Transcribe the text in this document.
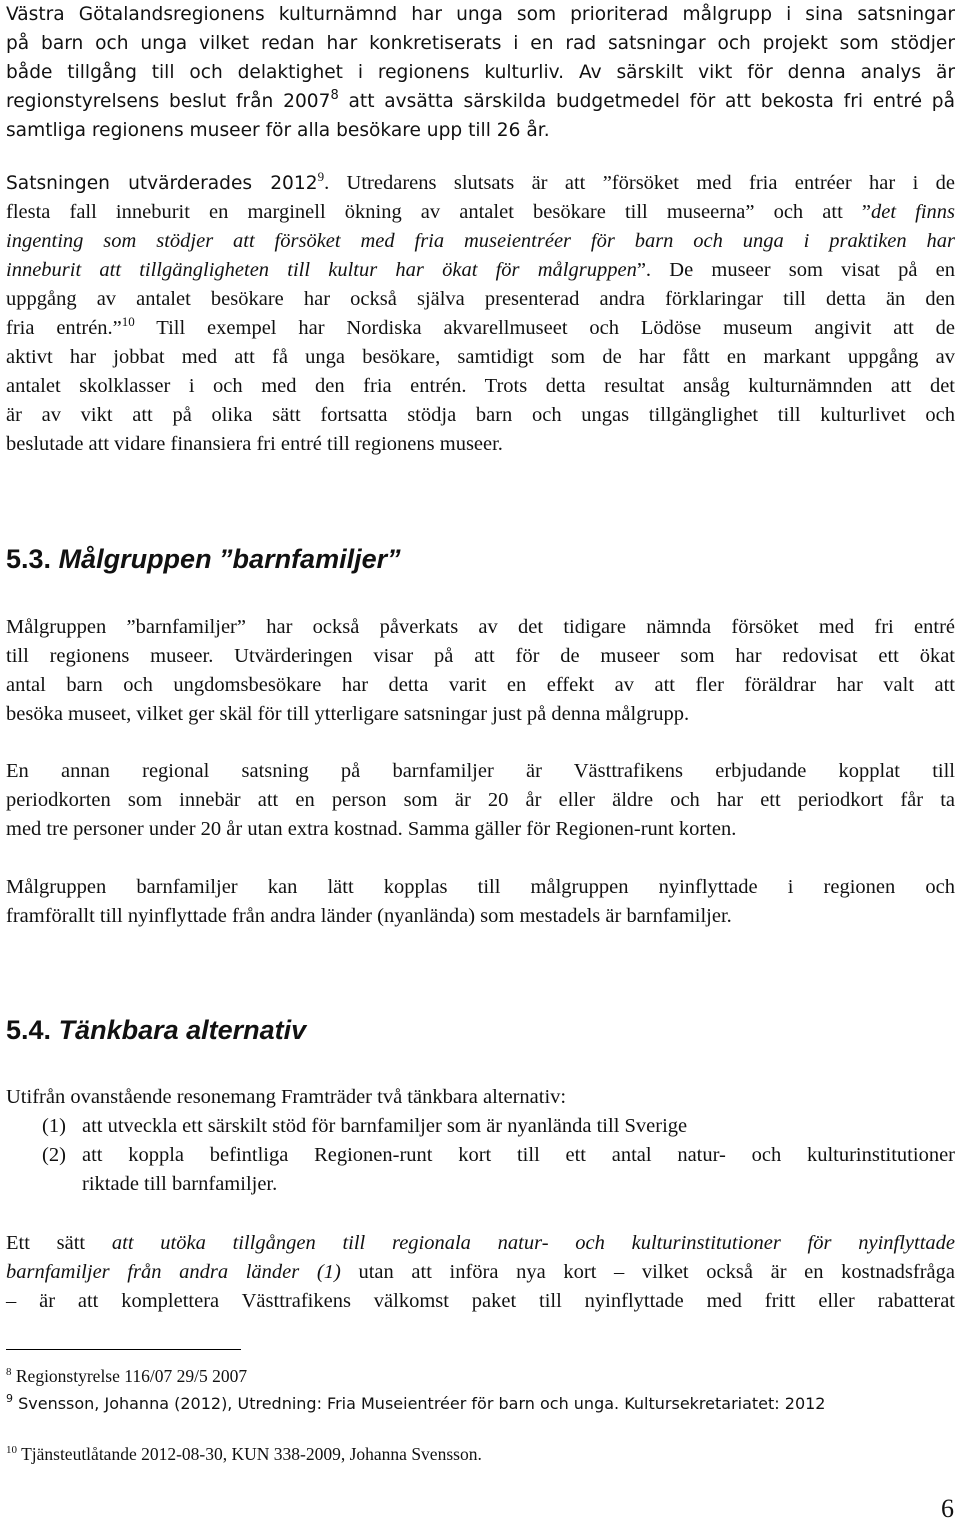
Västra Götalandsregionens kulturnämnd har unga som prioriterad målgrupp i sina satsningar
på barn och unga vilket redan har konkretiserats i en rad satsningar och projekt som stödjer
både tillgång till och delaktighet i regionens kulturliv. Av särskilt vikt för denna analys är
regionstyrelsens beslut från 2007$^8$ att avsätta särskilda budgetmedel för att bekosta fri entré på
samtliga regionens museer för alla besökare upp till 26 år.
Satsningen utvärderades 2012$^9$. Utredarens slutsats är att ”försöket med fria entréer har i de
flesta fall inneburit en marginell ökning av antalet besökare till museerna” och att ”det finns
ingenting som stödjer att försöket med fria museientréer för barn och unga i praktiken har
inneburit att tillgängligheten till kultur har ökat för målgruppen”. De museer som visat på en
uppgång av antalet besökare har också själva presenterad andra förklaringar till detta än den
fria entrén.”$^{10}$ Till exempel har Nordiska akvarellmuseet och Lödöse museum angivit att de
aktivt har jobbat med att få unga besökare, samtidigt som de har fått en markant uppgång av
antalet skolklasser i och med den fria entrén. Trots detta resultat ansåg kulturnämnden att det
är av vikt att på olika sätt fortsatta stödja barn och ungas tillgänglighet till kulturlivet och
beslutade att vidare finansiera fri entré till regionens museer.
5.3. Målgruppen ”barnfamiljer”
Målgruppen ”barnfamiljer” har också påverkats av det tidigare nämnda försöket med fri entré
till regionens museer. Utvärderingen visar på att för de museer som har redovisat ett ökat
antal barn och ungdomsbesökare har detta varit en effekt av att fler föräldrar har valt att
besöka museet, vilket ger skäl för till ytterligare satsningar just på denna målgrupp.
En annan regional satsning på barnfamiljer är Västtrafikens erbjudande kopplat till
periodkorten som innebär att en person som är 20 år eller äldre och har ett periodkort får ta
med tre personer under 20 år utan extra kostnad. Samma gäller för Regionen-runt korten.
Målgruppen barnfamiljer kan lätt kopplas till målgruppen nyinflyttade i regionen och
framförallt till nyinflyttade från andra länder (nyanlända) som mestadels är barnfamiljer.
5.4. Tänkbara alternativ
Utifrån ovanstående resonemang Framträder två tänkbara alternativ:
(1) att utveckla ett särskilt stöd för barnfamiljer som är nyanlända till Sverige
(2) att koppla befintliga Regionen-runt kort till ett antal natur- och kulturinstitutioner
riktade till barnfamiljer.
Ett sätt att utöka tillgången till regionala natur- och kulturinstitutioner för nyinflyttade
barnfamiljer från andra länder (1) utan att införa nya kort – vilket också är en kostnadsfråga
– är att komplettera Västtrafikens välkomst paket till nyinflyttade med fritt eller rabatterat
$^8$ Regionstyrelse 116/07 29/5 2007
$^9$ Svensson, Johanna (2012), Utredning: Fria Museientréer för barn och unga. Kultursekretariatet: 2012
$^{10}$ Tjänsteutlåtande 2012-08-30, KUN 338-2009, Johanna Svensson.
6
